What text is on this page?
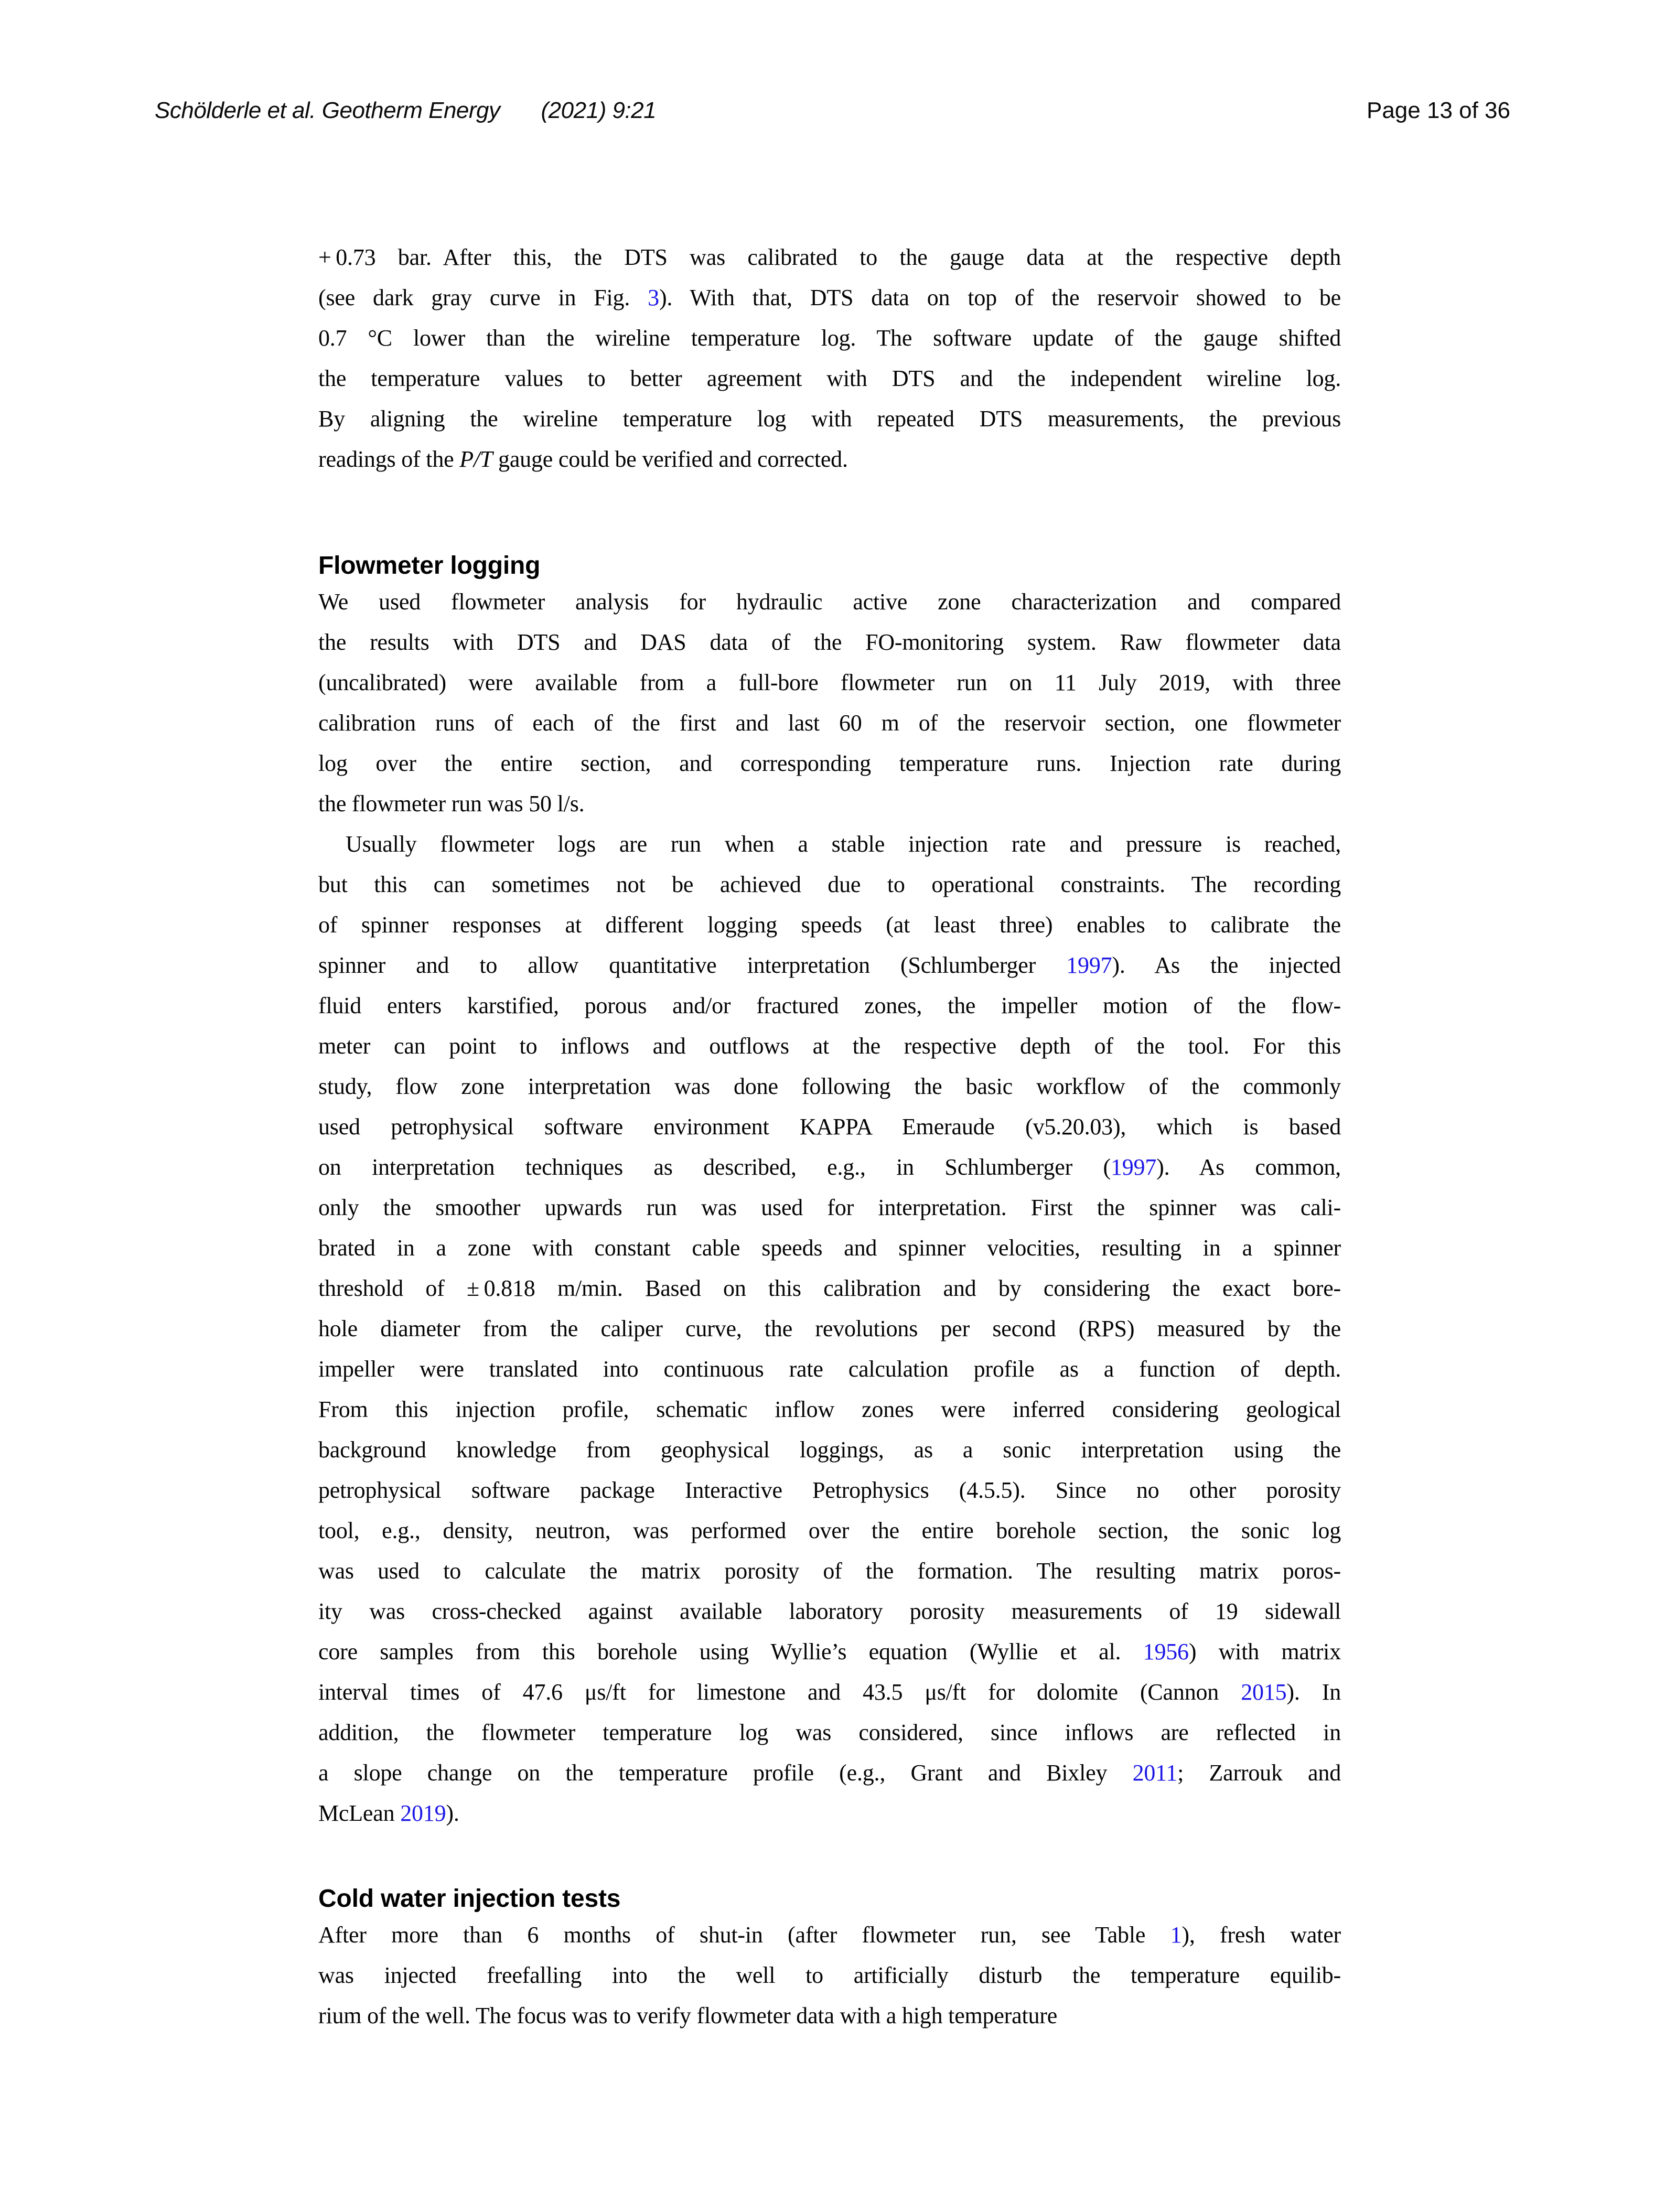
Schölderle et al. Geotherm Energy (2021) 9:21	Page 13 of 36
+ 0.73 bar. After this, the DTS was calibrated to the gauge data at the respective depth
(see dark gray curve in Fig. 3). With that, DTS data on top of the reservoir showed to be
0.7 °C lower than the wireline temperature log. The software update of the gauge shifted
the temperature values to better agreement with DTS and the independent wireline log.
By aligning the wireline temperature log with repeated DTS measurements, the previous
readings of the P/T gauge could be verified and corrected.
Flowmeter logging
We used flowmeter analysis for hydraulic active zone characterization and compared
the results with DTS and DAS data of the FO-monitoring system. Raw flowmeter data
(uncalibrated) were available from a full-bore flowmeter run on 11 July 2019, with three
calibration runs of each of the first and last 60 m of the reservoir section, one flowmeter
log over the entire section, and corresponding temperature runs. Injection rate during
the flowmeter run was 50 l/s.
Usually flowmeter logs are run when a stable injection rate and pressure is reached,
but this can sometimes not be achieved due to operational constraints. The recording
of spinner responses at different logging speeds (at least three) enables to calibrate the
spinner and to allow quantitative interpretation (Schlumberger 1997). As the injected
fluid enters karstified, porous and/or fractured zones, the impeller motion of the flow-
meter can point to inflows and outflows at the respective depth of the tool. For this
study, flow zone interpretation was done following the basic workflow of the commonly
used petrophysical software environment KAPPA Emeraude (v5.20.03), which is based
on interpretation techniques as described, e.g., in Schlumberger (1997). As common,
only the smoother upwards run was used for interpretation. First the spinner was cali-
brated in a zone with constant cable speeds and spinner velocities, resulting in a spinner
threshold of ± 0.818 m/min. Based on this calibration and by considering the exact bore-
hole diameter from the caliper curve, the revolutions per second (RPS) measured by the
impeller were translated into continuous rate calculation profile as a function of depth.
From this injection profile, schematic inflow zones were inferred considering geological
background knowledge from geophysical loggings, as a sonic interpretation using the
petrophysical software package Interactive Petrophysics (4.5.5). Since no other porosity
tool, e.g., density, neutron, was performed over the entire borehole section, the sonic log
was used to calculate the matrix porosity of the formation. The resulting matrix poros-
ity was cross-checked against available laboratory porosity measurements of 19 sidewall
core samples from this borehole using Wyllie’s equation (Wyllie et al. 1956) with matrix
interval times of 47.6 μs/ft for limestone and 43.5 μs/ft for dolomite (Cannon 2015). In
addition, the flowmeter temperature log was considered, since inflows are reflected in
a slope change on the temperature profile (e.g., Grant and Bixley 2011; Zarrouk and
McLean 2019).
Cold water injection tests
After more than 6 months of shut-in (after flowmeter run, see Table 1), fresh water
was injected freefalling into the well to artificially disturb the temperature equilib-
rium of the well. The focus was to verify flowmeter data with a high temperature
